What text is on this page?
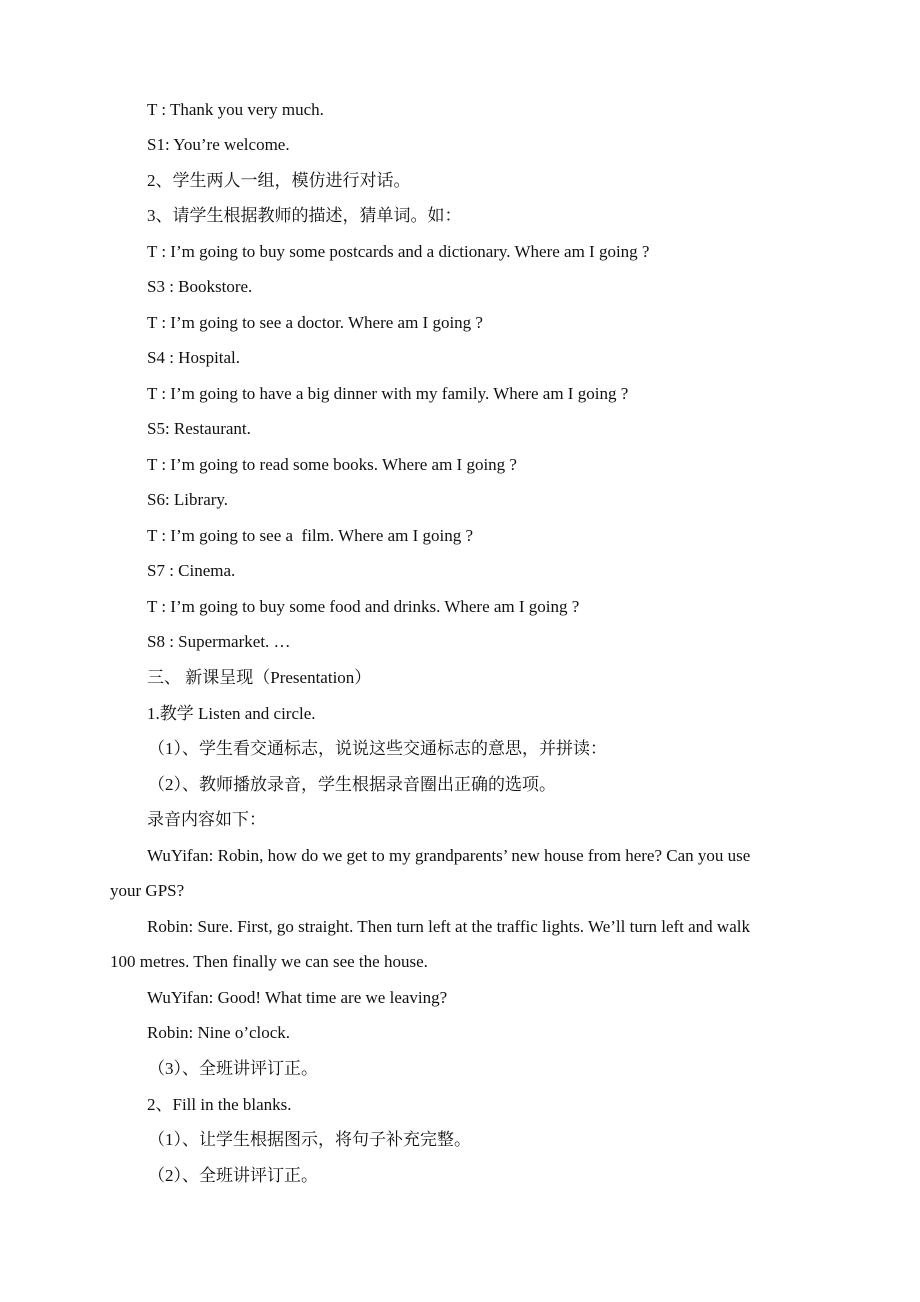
T : Thank you very much.
S1: You’re welcome.
2、学生两人一组，模仿进行对话。
3、请学生根据教师的描述，猜单词。如：
T : I’m going to buy some postcards and a dictionary. Where am I going ?
S3 : Bookstore.
T : I’m going to see a doctor. Where am I going ?
S4 : Hospital.
T : I’m going to have a big dinner with my family. Where am I going ?
S5: Restaurant.
T : I’m going to read some books. Where am I going ?
S6: Library.
T : I’m going to see a  film. Where am I going ?
S7 : Cinema.
T : I’m going to buy some food and drinks. Where am I going ?
S8 : Supermarket. …
三、 新课呈现（Presentation）
1.教学 Listen and circle.
（1）、学生看交通标志，说说这些交通标志的意思，并拼读：
（2）、教师播放录音，学生根据录音圈出正确的选项。
录音内容如下：
WuYifan: Robin, how do we get to my grandparents’ new house from here? Can you use
your GPS?
Robin: Sure. First, go straight. Then turn left at the traffic lights. We’ll turn left and walk
100 metres. Then finally we can see the house.
WuYifan: Good! What time are we leaving?
Robin: Nine o’clock.
（3）、全班讲评订正。
2、Fill in the blanks.
（1）、让学生根据图示，将句子补充完整。
（2）、全班讲评订正。
